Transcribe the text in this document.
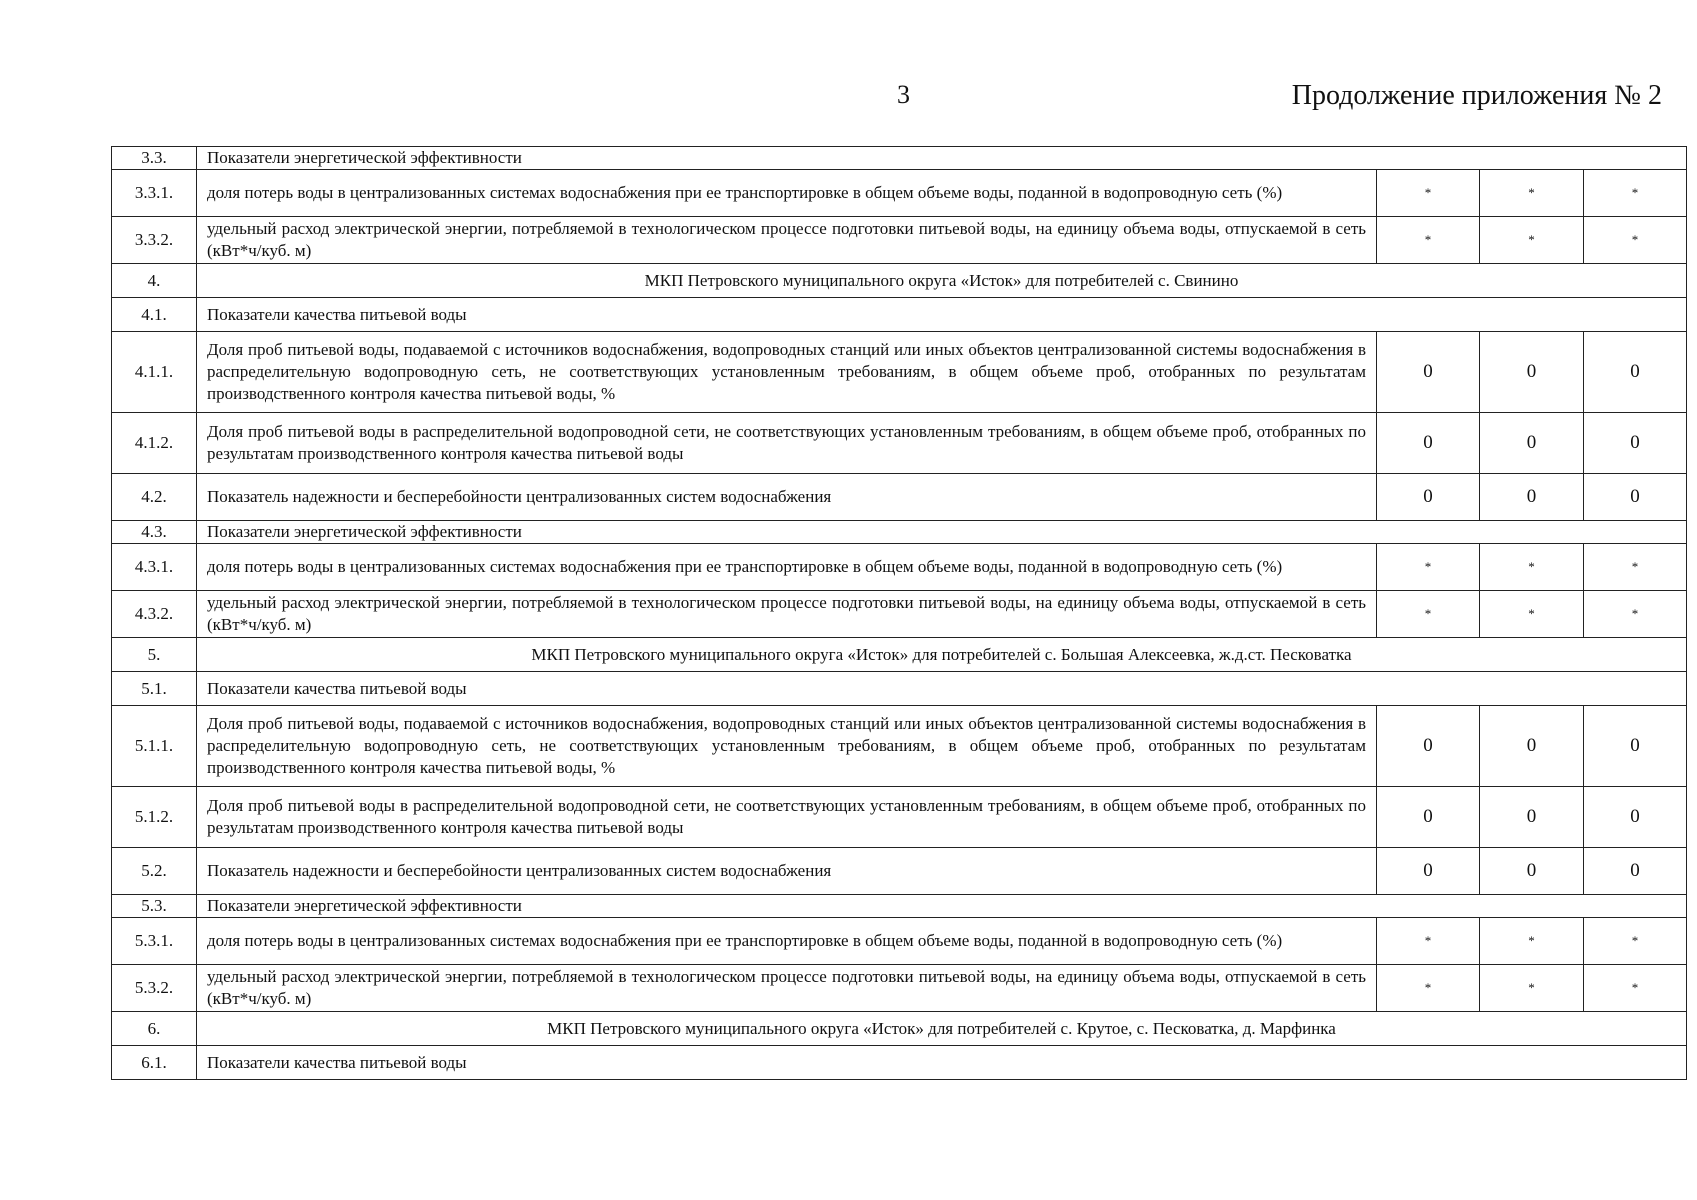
3	Продолжение приложения № 2
3.3.	Показатели энергетической эффективности			
3.3.1.	доля потерь воды в централизованных системах водоснабжения при ее транспортировке в общем объеме воды, поданной в водопроводную сеть (%)	*	*	*
3.3.2.	удельный расход электрической энергии, потребляемой в технологическом процессе подготовки питьевой воды, на единицу объема воды, отпускаемой в сеть (кВт*ч/куб. м)	*	*	*
4.	МКП Петровского муниципального округа «Исток» для потребителей с. Свинино			
4.1.	Показатели качества питьевой воды			
4.1.1.	Доля проб питьевой воды, подаваемой с источников водоснабжения, водопроводных станций или иных объектов централизованной системы водоснабжения в распределительную водопроводную сеть, не соответствующих установленным требованиям, в общем объеме проб, отобранных по результатам производственного контроля качества питьевой воды, %	0	0	0
4.1.2.	Доля проб питьевой воды в распределительной водопроводной сети, не соответствующих установленным требованиям, в общем объеме проб, отобранных по результатам производственного контроля качества питьевой воды	0	0	0
4.2.	Показатель надежности и бесперебойности централизованных систем водоснабжения	0	0	0
4.3.	Показатели энергетической эффективности			
4.3.1.	доля потерь воды в централизованных системах водоснабжения при ее транспортировке в общем объеме воды, поданной в водопроводную сеть (%)	*	*	*
4.3.2.	удельный расход электрической энергии, потребляемой в технологическом процессе подготовки питьевой воды, на единицу объема воды, отпускаемой в сеть (кВт*ч/куб. м)	*	*	*
5.	МКП Петровского муниципального округа «Исток» для потребителей с. Большая Алексеевка, ж.д.ст. Песковатка			
5.1.	Показатели качества питьевой воды			
5.1.1.	Доля проб питьевой воды, подаваемой с источников водоснабжения, водопроводных станций или иных объектов централизованной системы водоснабжения в распределительную водопроводную сеть, не соответствующих установленным требованиям, в общем объеме проб, отобранных по результатам производственного контроля качества питьевой воды, %	0	0	0
5.1.2.	Доля проб питьевой воды в распределительной водопроводной сети, не соответствующих установленным требованиям, в общем объеме проб, отобранных по результатам производственного контроля качества питьевой воды	0	0	0
5.2.	Показатель надежности и бесперебойности централизованных систем водоснабжения	0	0	0
5.3.	Показатели энергетической эффективности			
5.3.1.	доля потерь воды в централизованных системах водоснабжения при ее транспортировке в общем объеме воды, поданной в водопроводную сеть (%)	*	*	*
5.3.2.	удельный расход электрической энергии, потребляемой в технологическом процессе подготовки питьевой воды, на единицу объема воды, отпускаемой в сеть (кВт*ч/куб. м)	*	*	*
6.	МКП Петровского муниципального округа «Исток» для потребителей с. Крутое, с. Песковатка, д. Марфинка			
6.1.	Показатели качества питьевой воды			
